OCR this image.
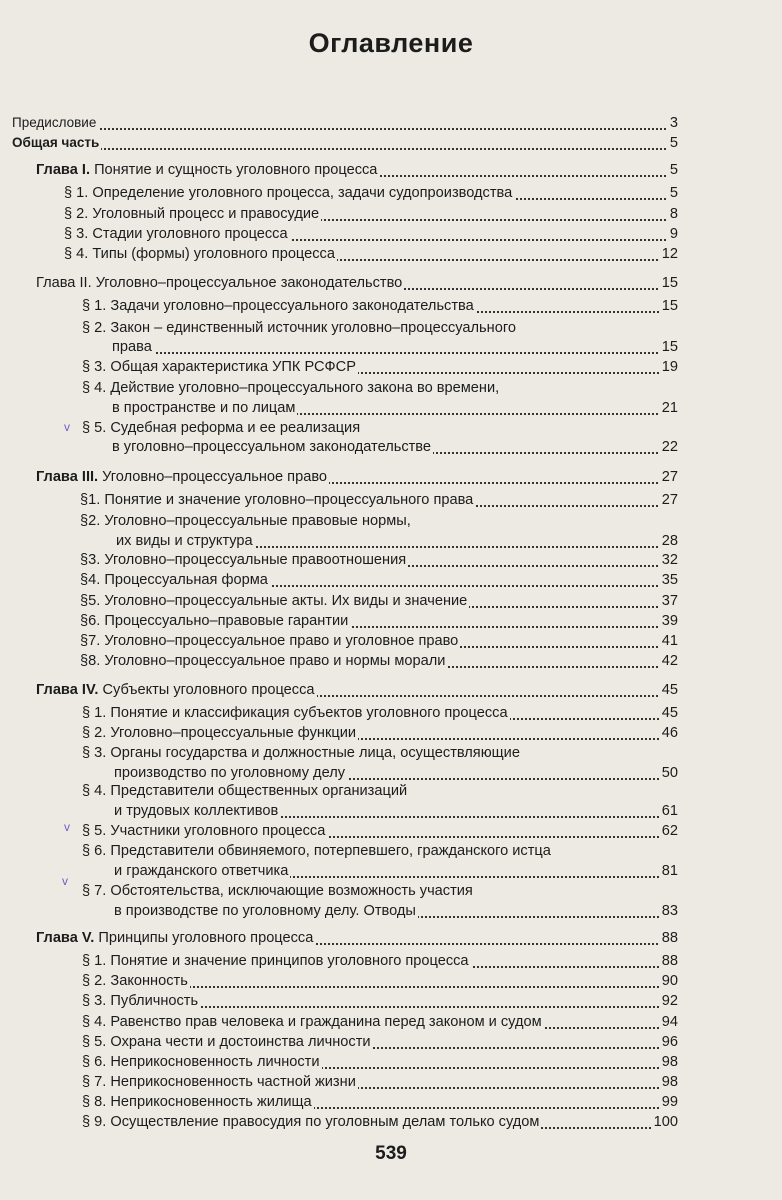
Оглавление
Предисловие	3
Общая часть	5
Глава I. Понятие и сущность уголовного процесса	5
§ 1. Определение уголовного процесса, задачи судопроизводства	5
§ 2. Уголовный процесс и правосудие	8
§ 3. Стадии уголовного процесса	9
§ 4. Типы (формы) уголовного процесса	12
Глава II. Уголовно–процессуальное законодательство	15
§ 1. Задачи уголовно–процессуального законодательства	15
§ 2. Закон – единственный источник уголовно–процессуального
права	15
§ 3. Общая характеристика УПК РСФСР	19
§ 4. Действие уголовно–процессуального закона во времени,
в пространстве и по лицам	21
v § 5. Судебная реформа и ее реализация
в уголовно–процессуальном законодательстве	22
Глава III. Уголовно–процессуальное право	27
§1. Понятие и значение уголовно–процессуального права	27
§2. Уголовно–процессуальные правовые нормы,
их виды и структура	28
§3. Уголовно–процессуальные правоотношения	32
§4. Процессуальная форма	35
§5. Уголовно–процессуальные акты. Их виды и значение	37
§6. Процессуально–правовые гарантии	39
§7. Уголовно–процессуальное право и уголовное право	41
§8. Уголовно–процессуальное право и нормы морали	42
Глава IV. Субъекты уголовного процесса	45
§ 1. Понятие и классификация субъектов уголовного процесса	45
§ 2. Уголовно–процессуальные функции	46
§ 3. Органы государства и должностные лица, осуществляющие
производство по уголовному делу	50
§ 4. Представители общественных организаций
и трудовых коллективов	61
v § 5. Участники уголовного процесса	62
§ 6. Представители обвиняемого, потерпевшего, гражданского истца
и гражданского ответчика	81
v
§ 7. Обстоятельства, исключающие возможность участия
в производстве по уголовному делу. Отводы	83
Глава V. Принципы уголовного процесса	88
§ 1. Понятие и значение принципов уголовного процесса	88
§ 2. Законность	90
§ 3. Публичность	92
§ 4. Равенство прав человека и гражданина перед законом и судом	94
§ 5. Охрана чести и достоинства личности	96
§ 6. Неприкосновенность личности	98
§ 7. Неприкосновенность частной жизни	98
§ 8. Неприкосновенность жилища	99
§ 9. Осуществление правосудия по уголовным делам только судом	100
539
